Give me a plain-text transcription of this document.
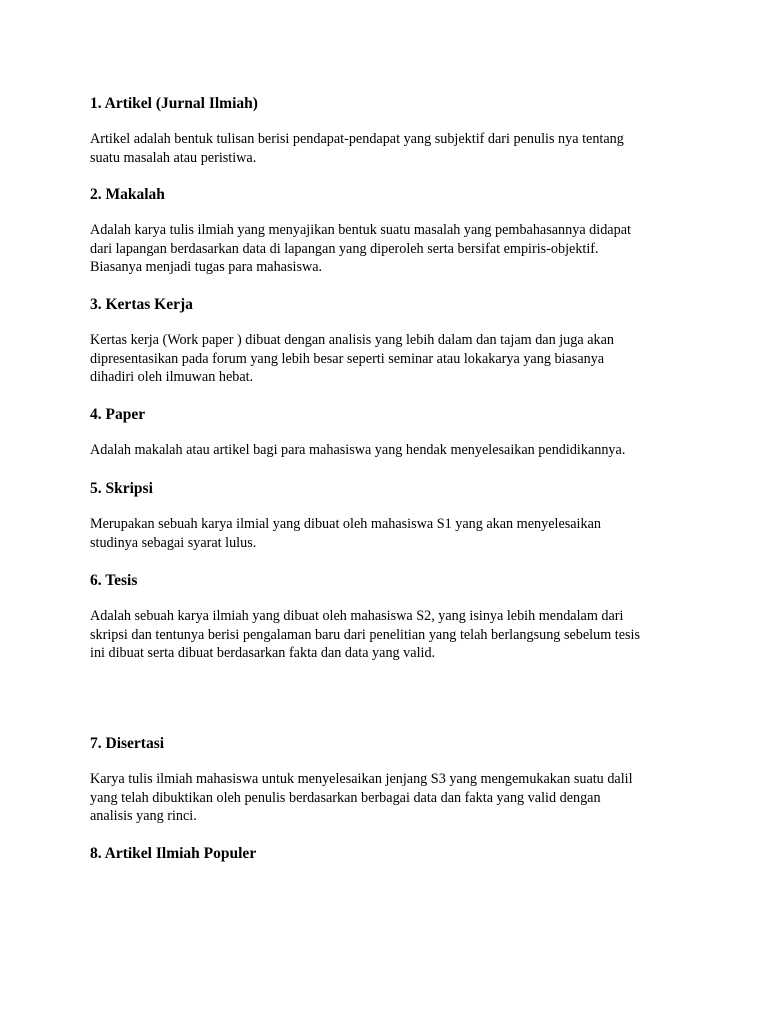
1. Artikel (Jurnal Ilmiah)

Artikel adalah bentuk tulisan berisi pendapat-pendapat yang subjektif dari penulis nya tentang
suatu masalah atau peristiwa.

2. Makalah

Adalah karya tulis ilmiah yang menyajikan bentuk suatu masalah yang pembahasannya didapat
dari lapangan berdasarkan data di lapangan yang diperoleh serta bersifat empiris-objektif.
Biasanya menjadi tugas para mahasiswa.

3. Kertas Kerja

Kertas kerja (Work paper ) dibuat dengan analisis yang lebih dalam dan tajam dan juga akan
dipresentasikan pada forum yang lebih besar seperti seminar atau lokakarya yang biasanya
dihadiri oleh ilmuwan hebat.

4. Paper

Adalah makalah atau artikel bagi para mahasiswa yang hendak menyelesaikan pendidikannya.

5. Skripsi

Merupakan sebuah karya ilmial yang dibuat oleh mahasiswa S1 yang akan menyelesaikan
studinya sebagai syarat lulus.

6. Tesis

Adalah sebuah karya ilmiah yang dibuat oleh mahasiswa S2, yang isinya lebih mendalam dari
skripsi dan tentunya berisi pengalaman baru dari penelitian yang telah berlangsung sebelum tesis
ini dibuat serta dibuat berdasarkan fakta dan data yang valid.

7. Disertasi

Karya tulis ilmiah mahasiswa untuk menyelesaikan jenjang S3 yang mengemukakan suatu dalil
yang telah dibuktikan oleh penulis berdasarkan berbagai data dan fakta yang valid dengan
analisis yang rinci.

8. Artikel Ilmiah Populer
